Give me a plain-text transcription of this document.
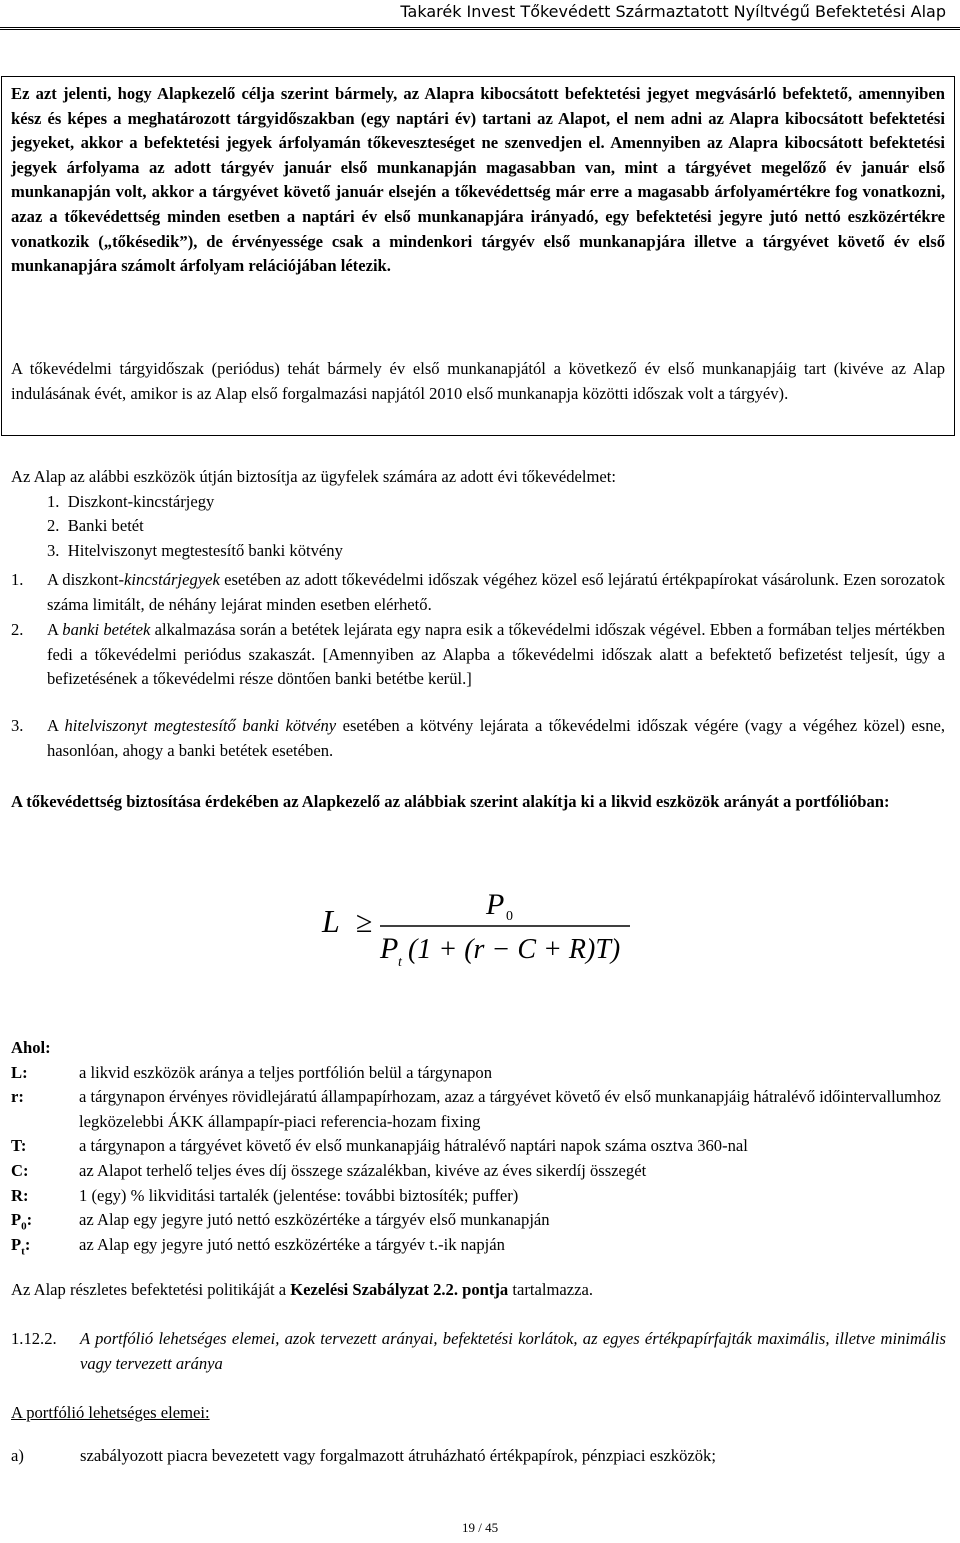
Takarék Invest Tőkevédett Származtatott Nyíltvégű Befektetési Alap

Ez azt jelenti, hogy Alapkezelő célja szerint bármely, az Alapra kibocsátott befektetési jegyet megvásárló befektető, amennyiben kész és képes a meghatározott tárgyidőszakban (egy naptári év) tartani az Alapot, el nem adni az Alapra kibocsátott befektetési jegyeket, akkor a befektetési jegyek árfolyamán tőkeveszteséget ne szenvedjen el. Amennyiben az Alapra kibocsátott befektetési jegyek árfolyama az adott tárgyév január első munkanapján magasabban van, mint a tárgyévet megelőző év január első munkanapján volt, akkor a tárgyévet követő január elsején a tőkevédettség már erre a magasabb árfolyamértékre fog vonatkozni, azaz a tőkevédettség minden esetben a naptári év első munkanapjára irányadó, egy befektetési jegyre jutó nettó eszközértékre vonatkozik („tőkésedik”), de érvényessége csak a mindenkori tárgyév első munkanapjára illetve a tárgyévet követő év első munkanapjára számolt árfolyam relációjában létezik.

A tőkevédelmi tárgyidőszak (periódus) tehát bármely év első munkanapjától a következő év első munkanapjáig tart (kivéve az Alap indulásának évét, amikor is az Alap első forgalmazási napjától 2010 első munkanapja közötti időszak volt a tárgyév).

Az Alap az alábbi eszközök útján biztosítja az ügyfelek számára az adott évi tőkevédelmet:

1.  Diszkont-kincstárjegy
2.  Banki betét
3.  Hitelviszonyt megtestesítő banki kötvény
1. A diszkont-kincstárjegyek esetében az adott tőkevédelmi időszak végéhez közel eső lejáratú értékpapírokat vásárolunk. Ezen sorozatok száma limitált, de néhány lejárat minden esetben elérhető.
2. A banki betétek alkalmazása során a betétek lejárata egy napra esik a tőkevédelmi időszak végével. Ebben a formában teljes mértékben fedi a tőkevédelmi periódus szakaszát. [Amennyiben az Alapba a tőkevédelmi időszak alatt a befektető befizetést teljesít, úgy a befizetésének a tőkevédelmi része döntően banki betétbe kerül.]
3. A hitelviszonyt megtestesítő banki kötvény esetében a kötvény lejárata a tőkevédelmi időszak végére (vagy a végéhez közel) esne, hasonlóan, ahogy a banki betétek esetében.

A tőkevédettség biztosítása érdekében az Alapkezelő az alábbiak szerint alakítja ki a likvid eszközök arányát a portfólióban:

L ≥
P 0
P t (1 + (r − C + R)T)
Ahol:
L:	a likvid eszközök aránya a teljes portfólión belül a tárgynapon
r:	a tárgynapon érvényes rövidlejáratú állampapírhozam, azaz a tárgyévet követő év első munkanapjáig hátralévő időintervallumhoz legközelebbi ÁKK állampapír-piaci referencia-hozam fixing
T:	a tárgynapon a tárgyévet követő év első munkanapjáig hátralévő naptári napok száma osztva 360-nal
C:	az Alapot terhelő teljes éves díj összege százalékban, kivéve az éves sikerdíj összegét
R:	1 (egy) % likviditási tartalék (jelentése: további biztosíték; puffer)
$P_0$:	az Alap egy jegyre jutó nettó eszközértéke a tárgyév első munkanapján
$P_t$:	az Alap egy jegyre jutó nettó eszközértéke a tárgyév t.-ik napján

Az Alap részletes befektetési politikáját a Kezelési Szabályzat 2.2. pontja tartalmazza.

1.12.2. A portfólió lehetséges elemei, azok tervezett arányai, befektetési korlátok, az egyes értékpapírfajták maximális, illetve minimális vagy tervezett aránya

A portfólió lehetséges elemei:

a)	szabályozott piacra bevezetett vagy forgalmazott átruházható értékpapírok, pénzpiaci eszközök;
19 / 45
